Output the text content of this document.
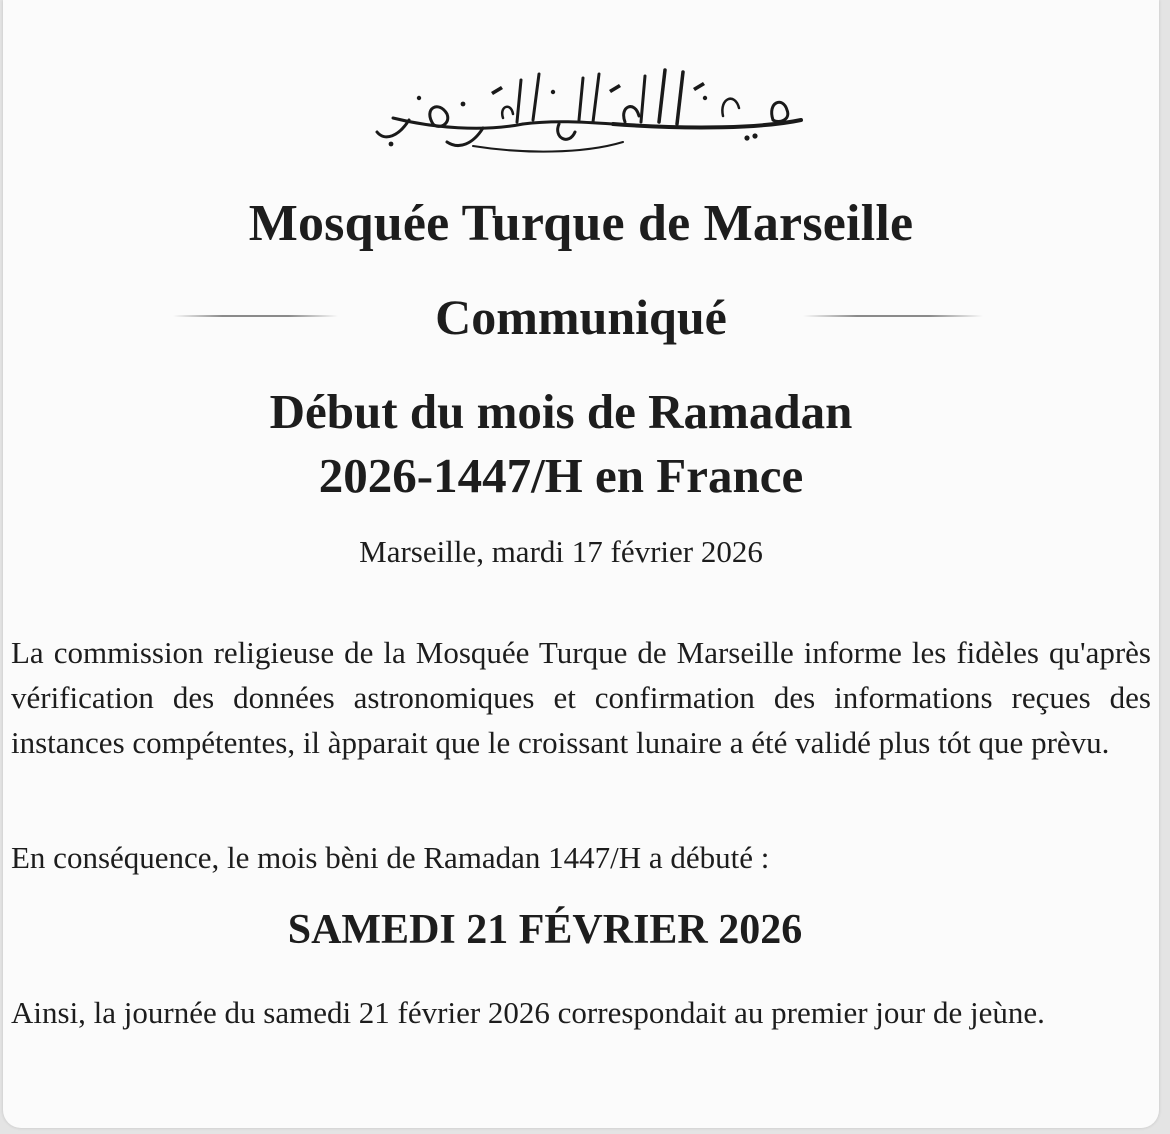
Mosquée Turque de Marseille
Communiqué
Début du mois de Ramadan
2026-1447/H en France
Marseille, mardi 17 février 2026
La commission religieuse de la Mosquée Turque de Marseille informe les fidèles qu'après vérification des données astronomiques et confirmation des informations reçues des instances compétentes, il àpparait que le croissant lunaire a été validé plus tót que prèvu.
En conséquence, le mois bèni de Ramadan 1447/H a débuté :
SAMEDI 21 FÉVRIER 2026
Ainsi, la journée du samedi 21 février 2026 correspondait au premier jour de jeùne.
